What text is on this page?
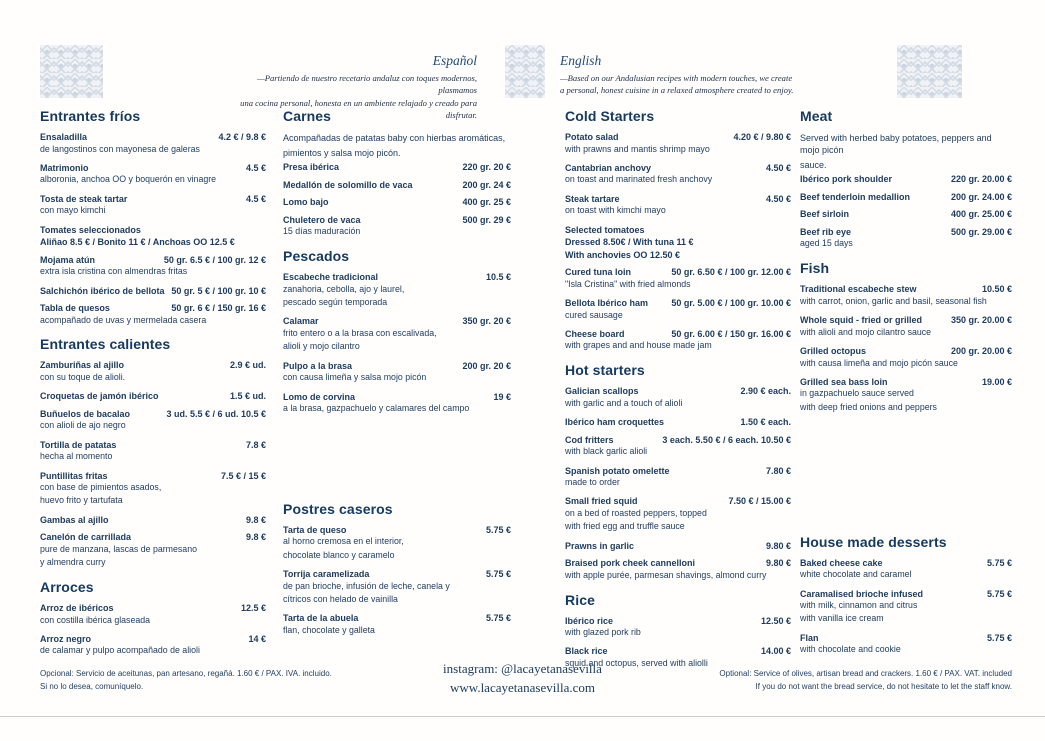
Español
—Partiendo de nuestro recetario andaluz con toques modernos, plasmamos
una cocina personal, honesta en un ambiente relajado y creado para disfrutar.
English
—Based on our Andalusian recipes with modern touches, we create
a personal, honest cuisine in a relaxed atmosphere created to enjoy.
Entrantes fríos
Ensaladilla	4.2 € / 9.8 €
de langostinos con mayonesa de galeras
Matrimonio	4.5 €
alboronia, anchoa OO y boquerón en vinagre
Tosta de steak tartar	4.5 €
con mayo kimchi
Tomates seleccionados
Aliñao 8.5 € / Bonito 11 € / Anchoas OO 12.5 €
Mojama atún	50 gr. 6.5 € / 100 gr. 12 €
extra isla cristina con almendras fritas
Salchichón ibérico de bellota 50 gr. 5 € / 100 gr. 10 €
Tabla de quesos	50 gr. 6 € / 150 gr. 16 €
acompañado de uvas y mermelada casera
Entrantes calientes
Zamburiñas al ajillo	2.9 € ud.
con su toque de alioli.
Croquetas de jamón ibérico	1.5 € ud.
Buñuelos de bacalao	3 ud. 5.5 € / 6 ud. 10.5 €
con alioli de ajo negro
Tortilla de patatas	7.8 €
hecha al momento
Puntillitas fritas	7.5 € / 15 €
con base de pimientos asados,
huevo frito y tartufata
Gambas al ajillo	9.8 €
Canelón de carrillada	9.8 €
pure de manzana, lascas de parmesano
y almendra curry
Arroces
Arroz de ibéricos	12.5 €
con costilla ibérica glaseada
Arroz negro	14 €
de calamar y pulpo acompañado de alioli
Carnes
Acompañadas de patatas baby con hierbas aromáticas,
pimientos y salsa mojo picón.
Presa ibérica	220 gr. 20 €
Medallón de solomillo de vaca	200 gr. 24 €
Lomo bajo	400 gr. 25 €
Chuletero de vaca	500 gr. 29 €
15 días maduración
Pescados
Escabeche tradicional	10.5 €
zanahoria, cebolla, ajo y laurel,
pescado según temporada
Calamar	350 gr. 20 €
frito entero o a la brasa con escalivada,
alioli y mojo cilantro
Pulpo a la brasa	200 gr. 20 €
con causa limeña y salsa mojo picón
Lomo de corvina	19 €
a la brasa, gazpachuelo y calamares del campo
Postres caseros
Tarta de queso	5.75 €
al horno cremosa en el interior,
chocolate blanco y caramelo
Torrija caramelizada	5.75 €
de pan brioche, infusión de leche, canela y
cítricos con helado de vainilla
Tarta de la abuela	5.75 €
flan, chocolate y galleta
Cold Starters
Potato salad	4.20 € / 9.80 €
with prawns and mantis shrimp mayo
Cantabrian anchovy	4.50 €
on toast and marinated fresh anchovy
Steak tartare	4.50 €
on toast with kimchi mayo
Selected tomatoes
Dressed 8.50€ / With tuna 11 €
With anchovies OO 12.50 €
Cured tuna loin	50 gr. 6.50 € / 100 gr. 12.00 €
"Isla Cristina" with fried almonds
Bellota Ibérico ham	50 gr. 5.00 € / 100 gr. 10.00 €
cured sausage
Cheese board	50 gr. 6.00 € / 150 gr. 16.00 €
with grapes and and house made jam
Hot starters
Galician scallops	2.90 € each.
with garlic and a touch of alioli
Ibérico ham croquettes	1.50 € each.
Cod fritters	3 each. 5.50 € / 6 each. 10.50 €
with black garlic alioli
Spanish potato omelette	7.80 €
made to order
Small fried squid	7.50 € / 15.00 €
on a bed of roasted peppers, topped
with fried egg and truffle sauce
Prawns in garlic	9.80 €
Braised pork cheek cannelloni	9.80 €
with apple purée, parmesan shavings, almond curry
Rice
Ibérico rice	12.50 €
with glazed pork rib
Black rice	14.00 €
squid and octopus, served with aliolli
Meat
Served with herbed baby potatoes, peppers and mojo picón
sauce.
Ibérico pork shoulder	220 gr. 20.00 €
Beef tenderloin medallion	200 gr. 24.00 €
Beef sirloin	400 gr. 25.00 €
Beef rib eye	500 gr. 29.00 €
aged 15 days
Fish
Traditional escabeche stew	10.50 €
with carrot, onion, garlic and basil, seasonal fish
Whole squid - fried or grilled	350 gr. 20.00 €
with alioli and mojo cilantro sauce
Grilled octopus	200 gr. 20.00 €
with causa limeña and mojo picón sauce
Grilled sea bass loin	19.00 €
in gazpachuelo sauce served
with deep fried onions and peppers
House made desserts
Baked cheese cake	5.75 €
white chocolate and caramel
Caramalised brioche infused	5.75 €
with milk, cinnamon and citrus
with vanilla ice cream
Flan	5.75 €
with chocolate and cookie
Opcional: Servicio de aceitunas, pan artesano, regañá. 1.60 € / PAX. IVA. incluido.
Si no lo desea, comuníquelo.
instagram: @lacayetanasevilla
www.lacayetanasevilla.com
Optional: Service of olives, artisan bread and crackers. 1.60 € / PAX. VAT. included
If you do not want the bread service, do not hesitate to let the staff know.
